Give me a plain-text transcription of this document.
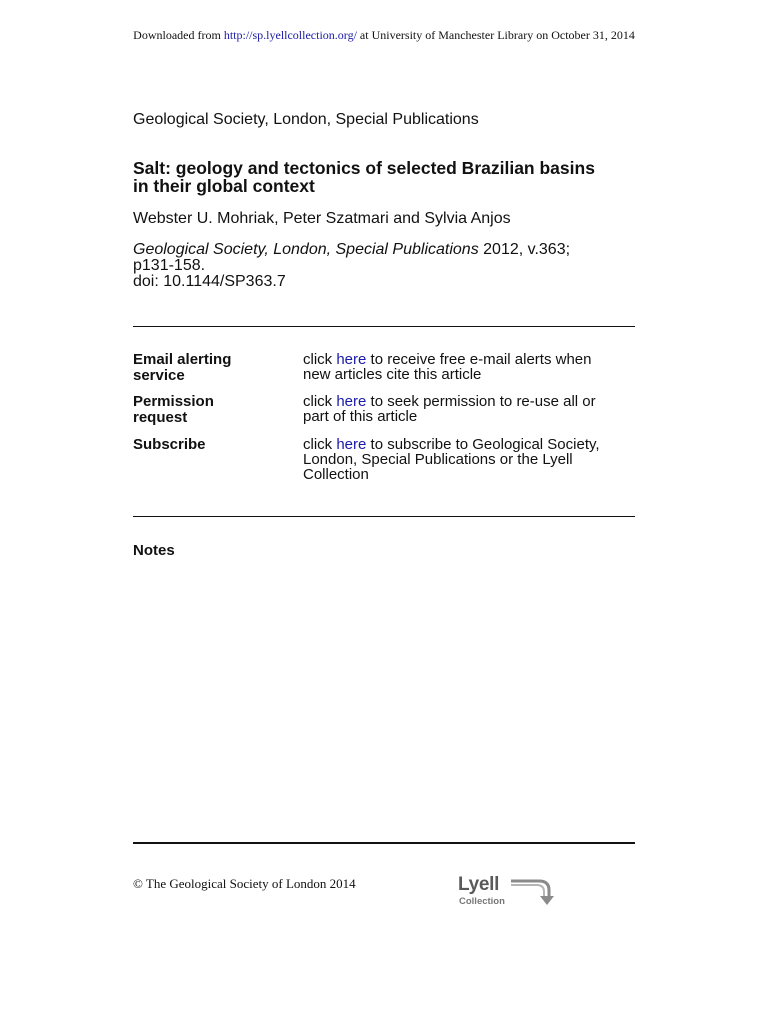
Downloaded from http://sp.lyellcollection.org/ at University of Manchester Library on October 31, 2014
Geological Society, London, Special Publications
Salt: geology and tectonics of selected Brazilian basins
in their global context
Webster U. Mohriak, Peter Szatmari and Sylvia Anjos
Geological Society, London, Special Publications 2012, v.363;
p131-158.
doi: 10.1144/SP363.7
Email alerting
service
click here to receive free e-mail alerts when
new articles cite this article
Permission
request
click here to seek permission to re-use all or
part of this article
Subscribe	click here to subscribe to Geological Society,
London, Special Publications or the Lyell
Collection
Notes
© The Geological Society of London 2014	Lyell
Collection
